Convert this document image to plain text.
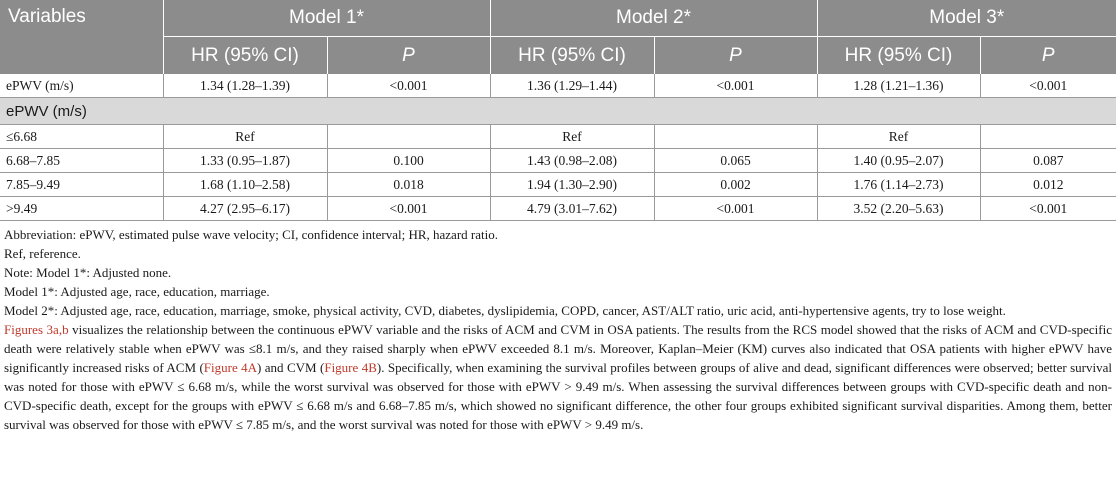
Variables	Model 1*		Model 2*		Model 3*	
	HR (95% CI)	P	HR (95% CI)	P	HR (95% CI)	P
ePWV (m/s)	1.34 (1.28–1.39)	<0.001	1.36 (1.29–1.44)	<0.001	1.28 (1.21–1.36)	<0.001
ePWV (m/s)						
≤6.68	Ref		Ref		Ref	
6.68–7.85	1.33 (0.95–1.87)	0.100	1.43 (0.98–2.08)	0.065	1.40 (0.95–2.07)	0.087
7.85–9.49	1.68 (1.10–2.58)	0.018	1.94 (1.30–2.90)	0.002	1.76 (1.14–2.73)	0.012
>9.49	4.27 (2.95–6.17)	<0.001	4.79 (3.01–7.62)	<0.001	3.52 (2.20–5.63)	<0.001

Abbreviation: ePWV, estimated pulse wave velocity; CI, confidence interval; HR, hazard ratio.

Ref, reference.

Note: Model 1*: Adjusted none.

Model 1*: Adjusted age, race, education, marriage.

Model 2*: Adjusted age, race, education, marriage, smoke, physical activity, CVD, diabetes, dyslipidemia, COPD, cancer, AST/ALT ratio, uric acid, anti-hypertensive agents, try to lose weight.

Figures 3a,b visualizes the relationship between the continuous ePWV variable and the risks of ACM and CVM in OSA patients. The results from the RCS model showed that the risks of ACM and CVD-specific death were relatively stable when ePWV was ≤8.1 m/s, and they raised sharply when ePWV exceeded 8.1 m/s. Moreover, Kaplan–Meier (KM) curves also indicated that OSA patients with higher ePWV have significantly increased risks of ACM (Figure 4A) and CVM (Figure 4B). Specifically, when examining the survival profiles between groups of alive and dead, significant differences were observed; better survival was noted for those with ePWV ≤ 6.68 m/s, while the worst survival was observed for those with ePWV > 9.49 m/s. When assessing the survival differences between groups with CVD-specific death and non-CVD-specific death, except for the groups with ePWV ≤ 6.68 m/s and 6.68–7.85 m/s, which showed no significant difference, the other four groups exhibited significant survival disparities. Among them, better survival was observed for those with ePWV ≤ 7.85 m/s, and the worst survival was noted for those with ePWV > 9.49 m/s.
